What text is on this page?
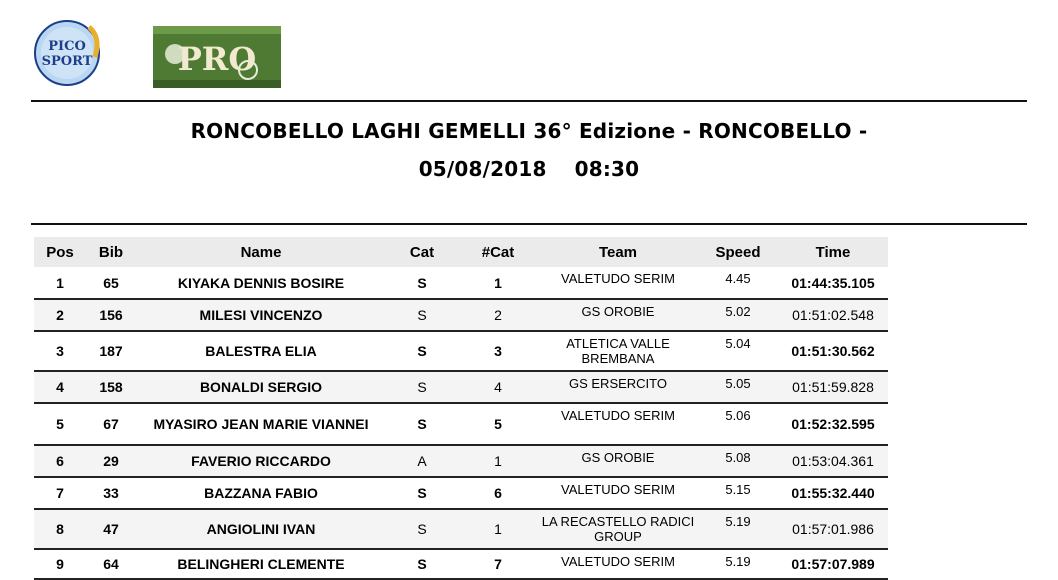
PICO
SPORT	PRO
RONCOBELLO LAGHI GEMELLI 36° Edizione - RONCOBELLO -
05/08/2018 08:30
Pos	Bib	Name	Cat	#Cat	Team	Speed	Time
1	65	KIYAKA DENNIS BOSIRE	S	1	VALETUDO SERIM	4.45	01:44:35.105
2	156	MILESI VINCENZO	S	2	GS OROBIE	5.02	01:51:02.548
3	187	BALESTRA ELIA	S	3	ATLETICA VALLE BREMBANA	5.04	01:51:30.562
4	158	BONALDI SERGIO	S	4	GS ERSERCITO	5.05	01:51:59.828
5	67	MYASIRO JEAN MARIE VIANNEI	S	5	VALETUDO SERIM	5.06	01:52:32.595
6	29	FAVERIO RICCARDO	A	1	GS OROBIE	5.08	01:53:04.361
7	33	BAZZANA FABIO	S	6	VALETUDO SERIM	5.15	01:55:32.440
8	47	ANGIOLINI IVAN	S	1	LA RECASTELLO RADICI GROUP	5.19	01:57:01.986
9	64	BELINGHERI CLEMENTE	S	7	VALETUDO SERIM	5.19	01:57:07.989
